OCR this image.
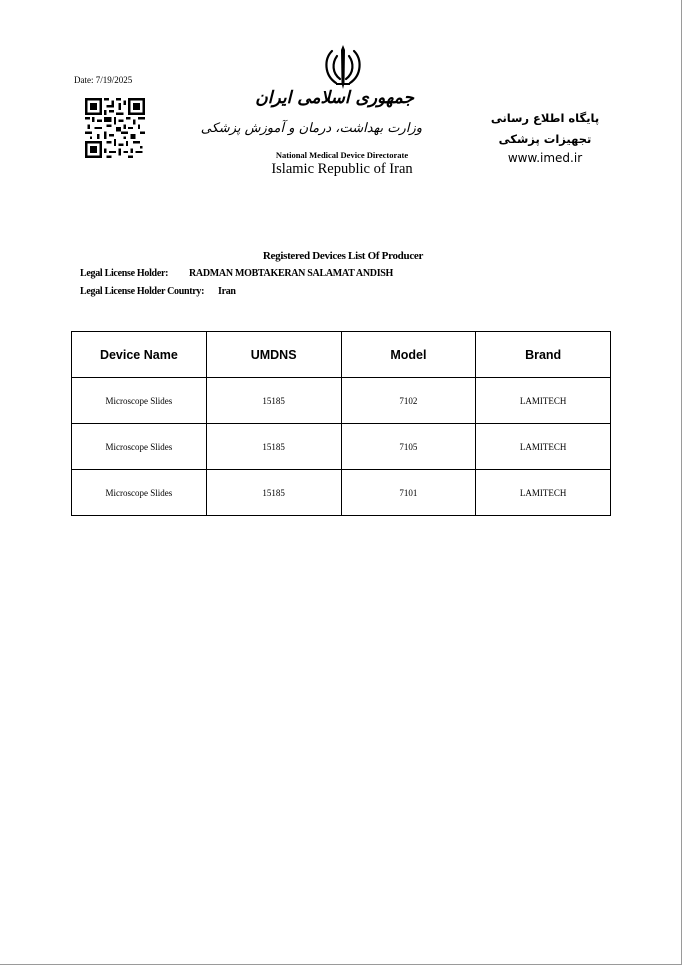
Date: 7/19/2025
جمهوری اسلامی ایران
وزارت بهداشت، درمان و آموزش پزشکی
National Medical Device Directorate
Islamic Republic of Iran
پایگاه اطلاع رسانی
تجهیزات پزشکی
www.imed.ir
Registered Devices List Of Producer
Legal License Holder: RADMAN MOBTAKERAN SALAMAT ANDISH
Legal License Holder Country: Iran
Device Name	UMDNS	Model	Brand
Microscope Slides	15185	7102	LAMITECH
Microscope Slides	15185	7105	LAMITECH
Microscope Slides	15185	7101	LAMITECH
